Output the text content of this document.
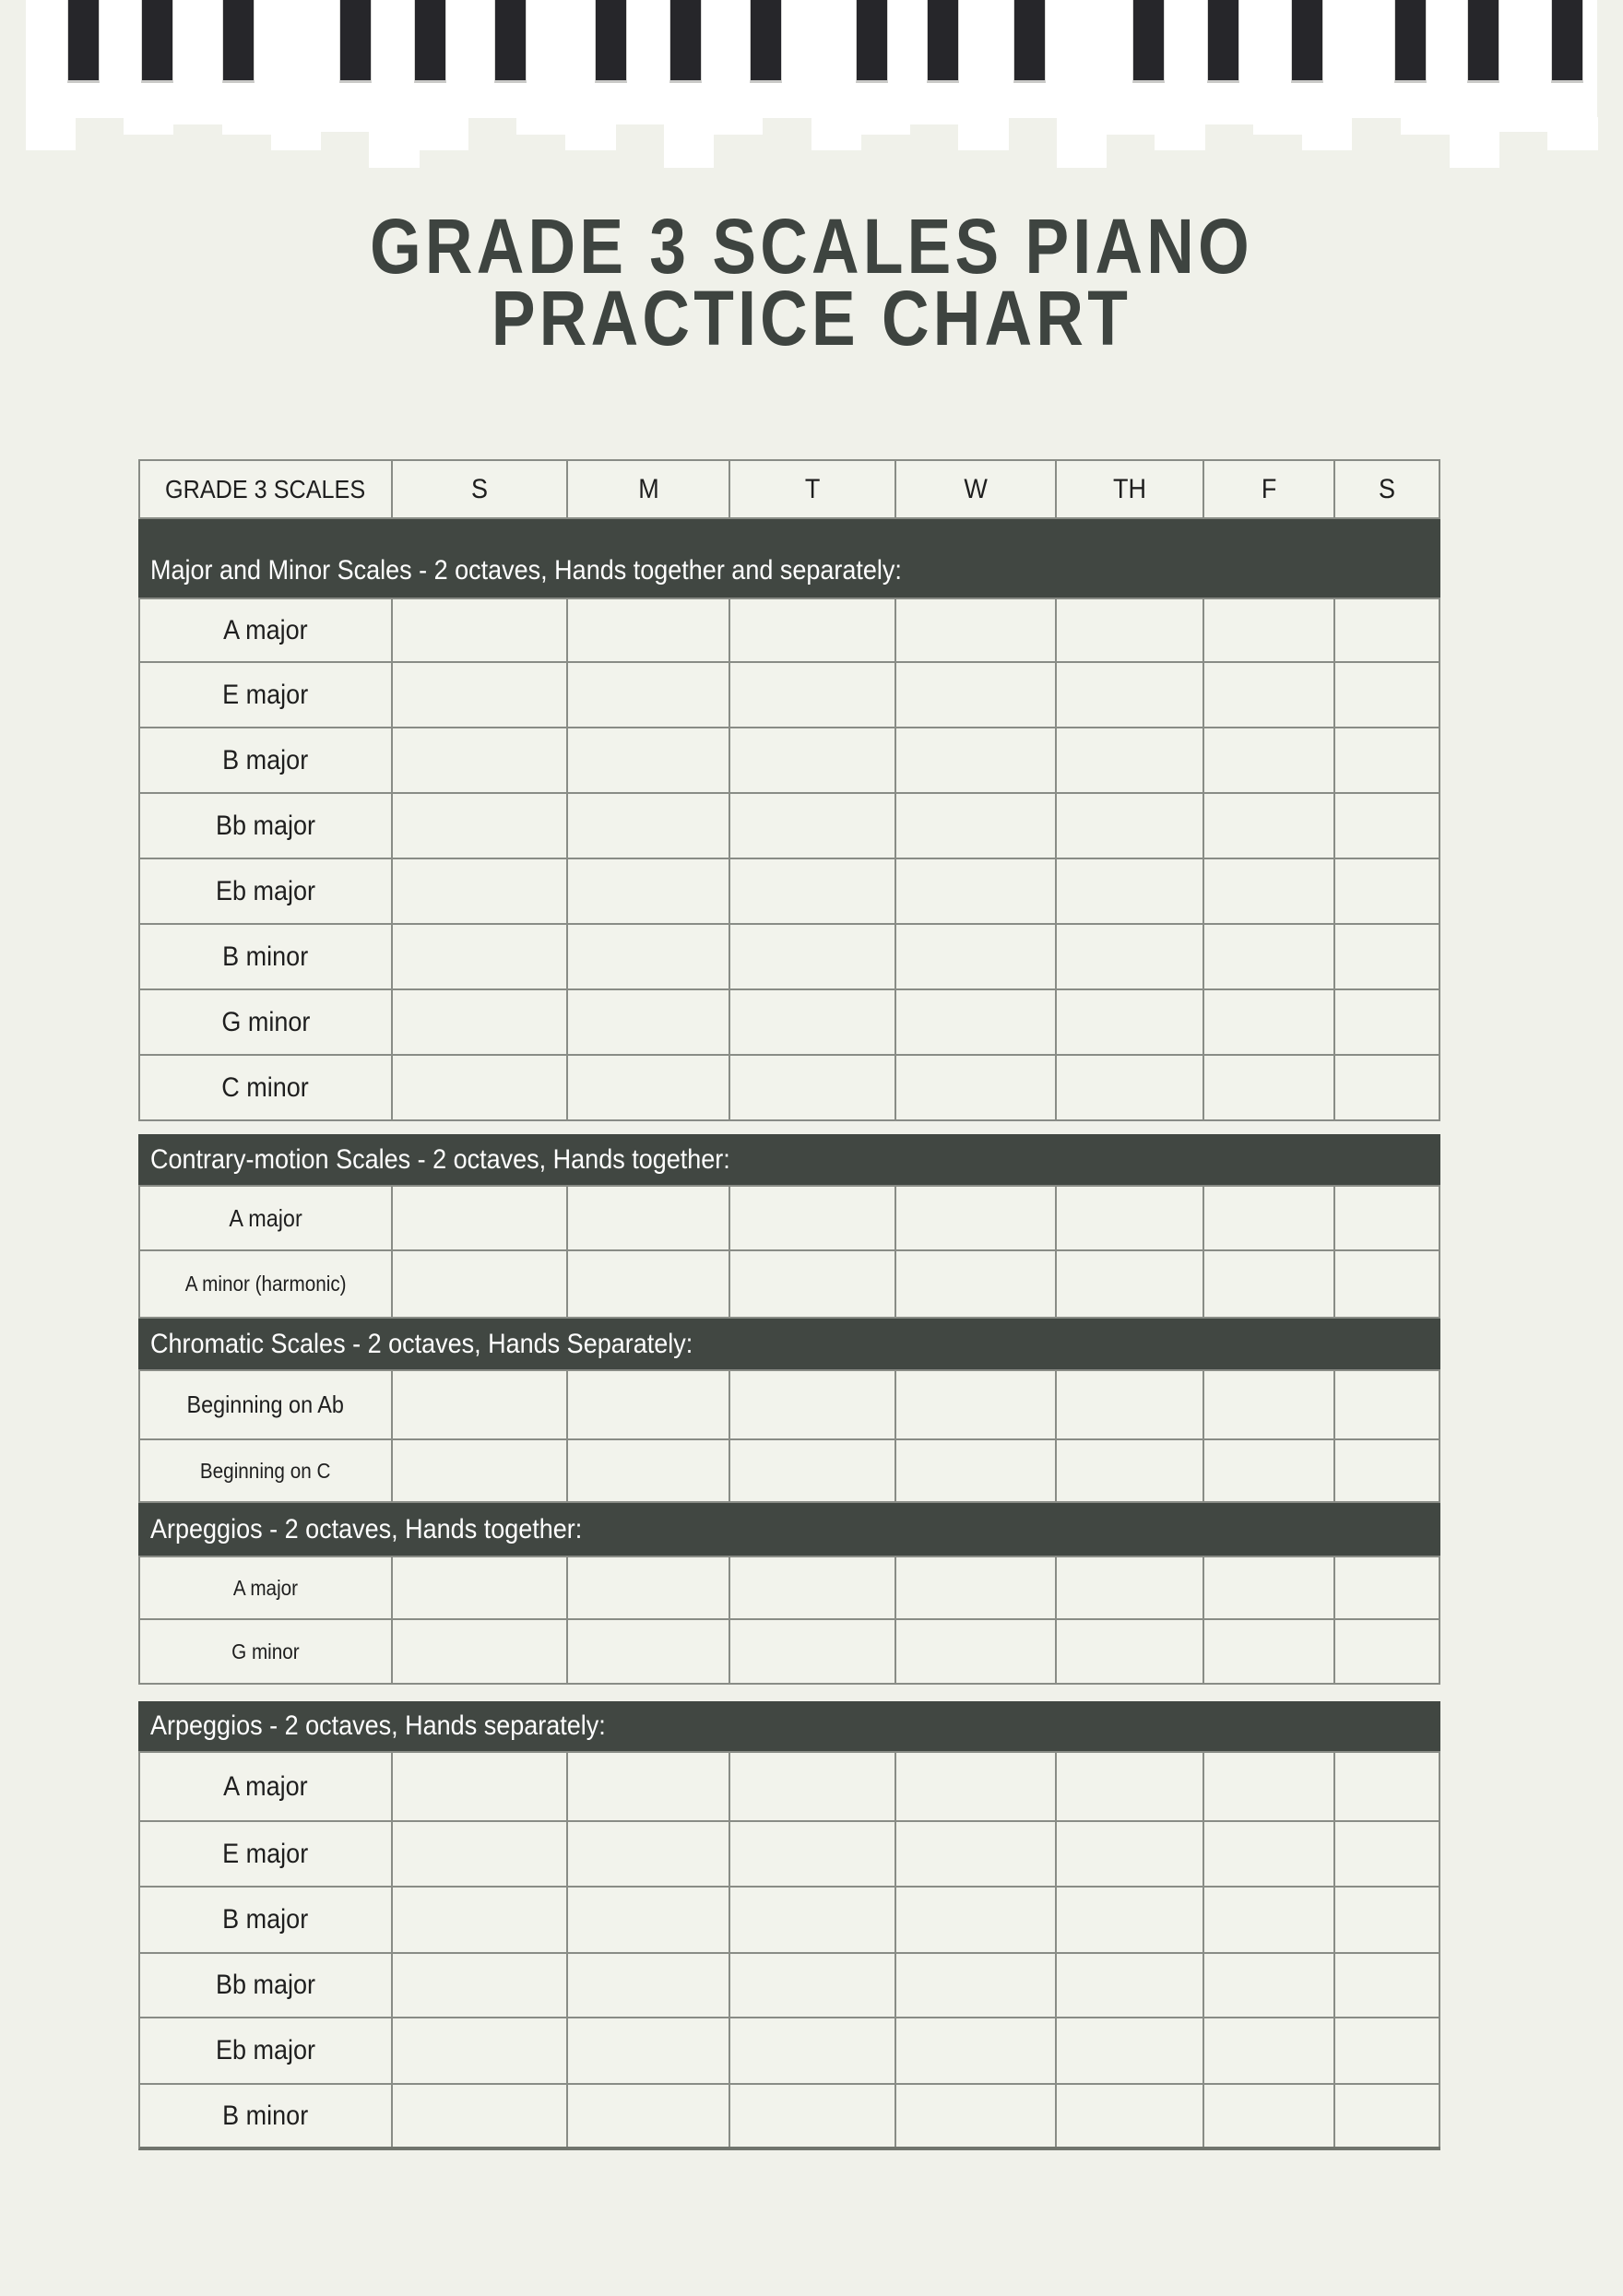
GRADE 3 SCALES PIANO
PRACTICE CHART
GRADE 3 SCALES	S	M	T	W	TH	F	S
Major and Minor Scales - 2 octaves, Hands together and separately:
A major
E major
B major
Bb major
Eb major
B minor
G minor
C minor
Contrary-motion Scales - 2 octaves, Hands together:
A major
A minor (harmonic)
Chromatic Scales - 2 octaves, Hands Separately:
Beginning on Ab
Beginning on C
Arpeggios - 2 octaves, Hands together:
A major
G minor
Arpeggios - 2 octaves, Hands separately:
A major
E major
B major
Bb major
Eb major
B minor
